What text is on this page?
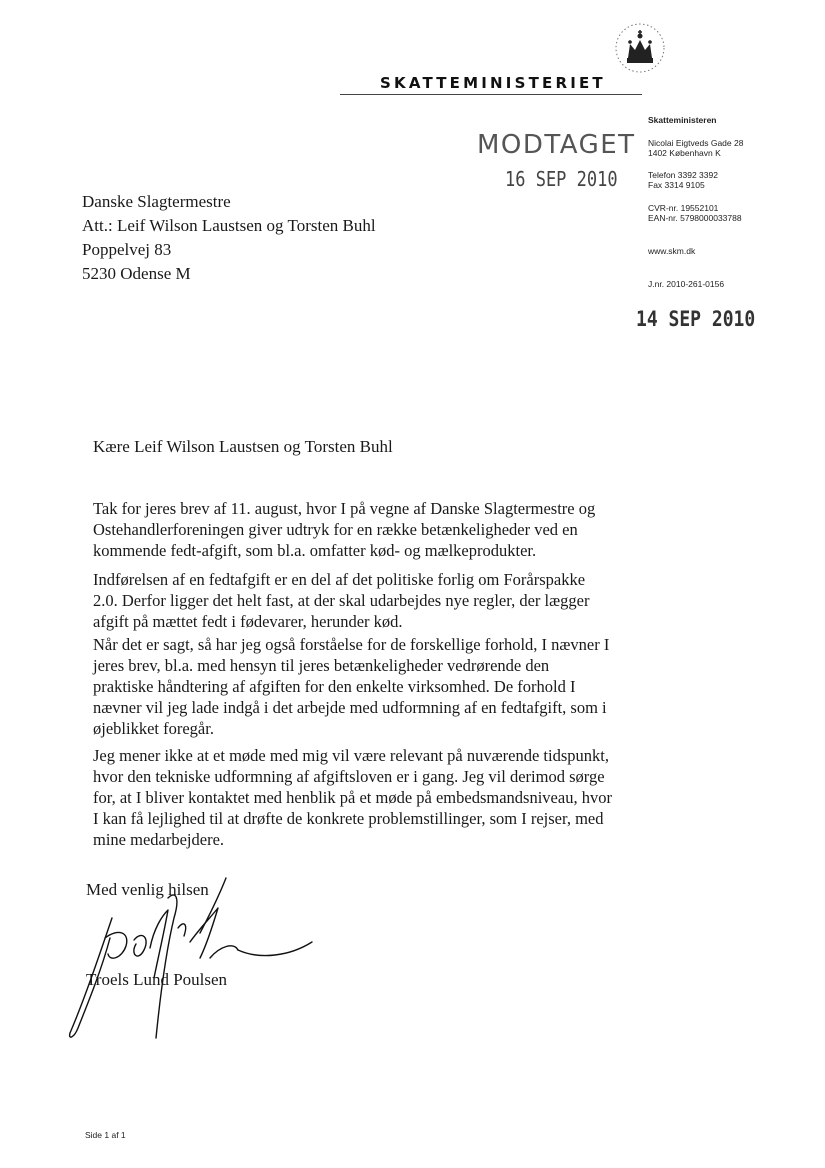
SKATTEMINISTERIET
Skatteministeren
Nicolai Eigtveds Gade 28
1402 København K
Telefon 3392 3392
Fax 3314 9105
CVR-nr. 19552101
EAN-nr. 5798000033788
www.skm.dk
J.nr. 2010-261-0156
MODTAGET
16 SEP 2010
14 SEP 2010
Danske Slagtermestre
Att.: Leif Wilson Laustsen og Torsten Buhl
Poppelvej 83
5230 Odense M
Kære Leif Wilson Laustsen og Torsten Buhl
Tak for jeres brev af 11. august, hvor I på vegne af Danske Slagtermestre og
Ostehandlerforeningen giver udtryk for en række betænkeligheder ved en
kommende fedt-afgift, som bl.a. omfatter kød- og mælkeprodukter.
Indførelsen af en fedtafgift er en del af det politiske forlig om Forårspakke
2.0. Derfor ligger det helt fast, at der skal udarbejdes nye regler, der lægger
afgift på mættet fedt i fødevarer, herunder kød.
Når det er sagt, så har jeg også forståelse for de forskellige forhold, I nævner I
jeres brev, bl.a. med hensyn til jeres betænkeligheder vedrørende den
praktiske håndtering af afgiften for den enkelte virksomhed. De forhold I
nævner vil jeg lade indgå i det arbejde med udformning af en fedtafgift, som i
øjeblikket foregår.
Jeg mener ikke at et møde med mig vil være relevant på nuværende tidspunkt,
hvor den tekniske udformning af afgiftsloven er i gang. Jeg vil derimod sørge
for, at I bliver kontaktet med henblik på et møde på embedsmandsniveau, hvor
I kan få lejlighed til at drøfte de konkrete problemstillinger, som I rejser, med
mine medarbejdere.
Med venlig hilsen
Troels Lund Poulsen
Side 1 af 1
